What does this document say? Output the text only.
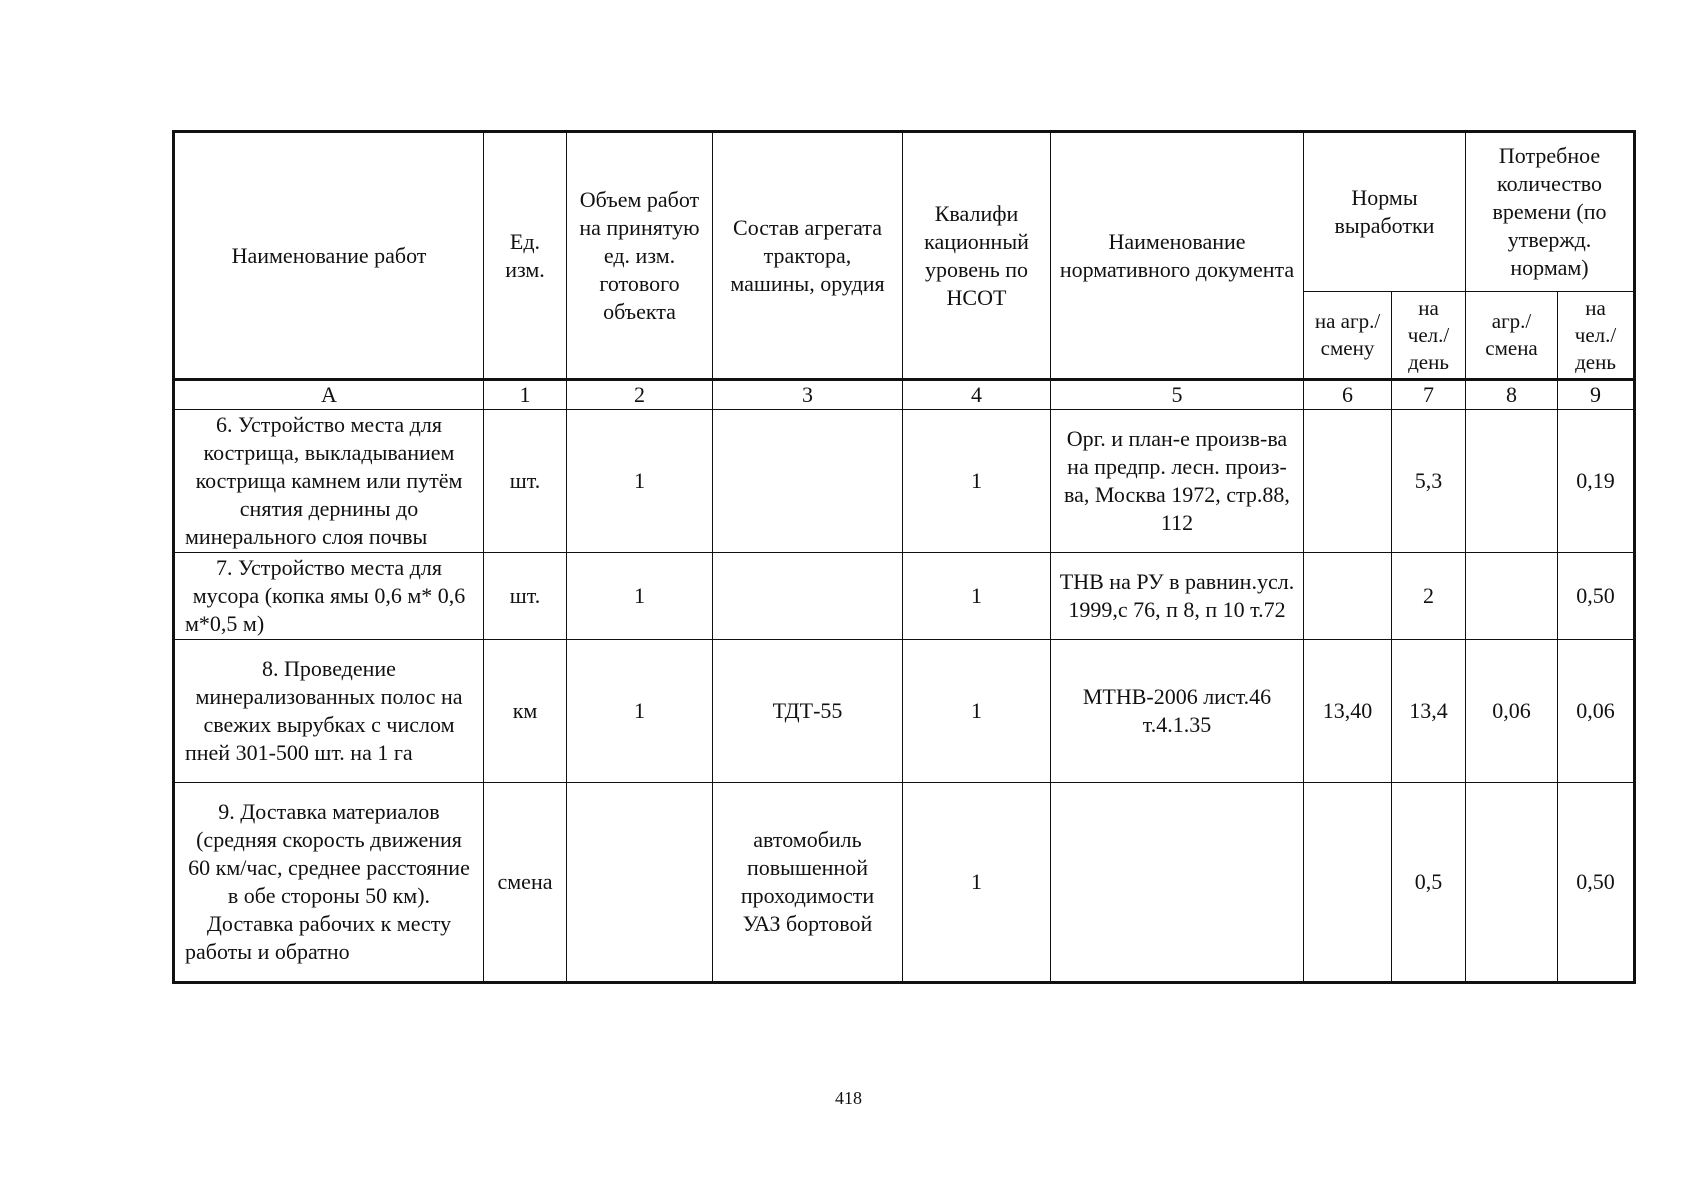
Наименование работ	Ед. изм.	Объем работ на принятую ед. изм. готового объекта	Состав агрегата трактора, машины, орудия	Квалифи кационный уровень по НСОТ	Наименование нормативного документа	Нормы выработки		Потребное количество времени (по утвержд. нормам)	
						на агр./ смену	на чел./ день	агр./ смена	на чел./ день
А	1	2	3	4	5	6	7	8	9
6. Устройство места для кострища, выкладыванием кострища камнем или путём снятия дернины до минерального слоя почвы	шт.	1		1	Орг. и план-е произв-ва на предпр. лесн. произ-ва, Москва 1972, стр.88, 112		5,3		0,19
7. Устройство места для мусора (копка ямы 0,6 м* 0,6 м*0,5 м)	шт.	1		1	ТНВ на РУ в равнин.усл. 1999,с 76, п 8, п 10 т.72		2		0,50
8. Проведение минерализованных полос на свежих вырубках с числом пней 301-500 шт. на 1 га	км	1	ТДТ-55	1	МТНВ-2006 лист.46 т.4.1.35	13,40	13,4	0,06	0,06
9. Доставка материалов (средняя скорость движения 60 км/час, среднее расстояние в обе стороны 50 км). Доставка рабочих к месту работы и обратно	смена		автомобиль повышенной проходимости УАЗ бортовой	1			0,5		0,50
418
